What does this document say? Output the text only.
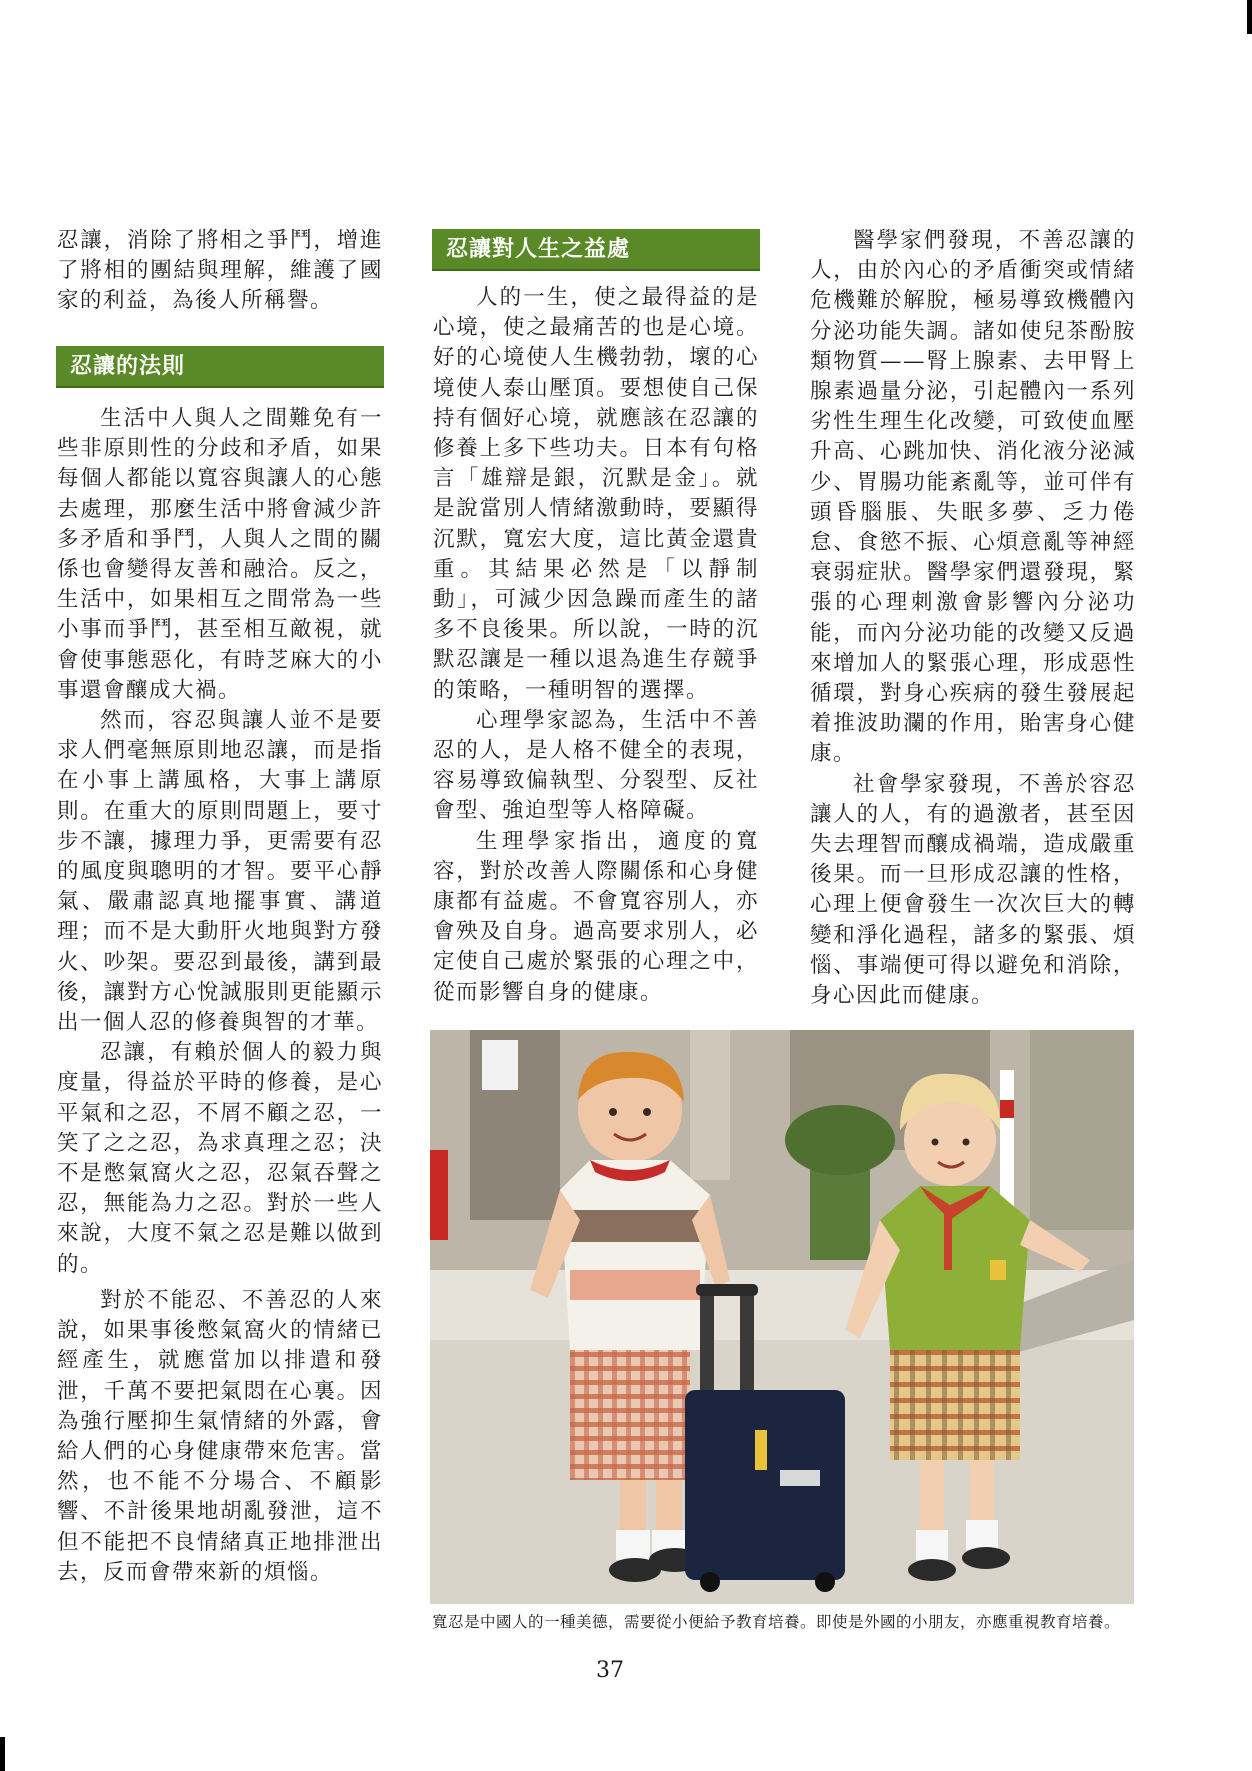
忍讓，消除了將相之爭鬥，增進了將相的團結與理解，維護了國家的利益，為後人所稱譽。

忍讓的法則

生活中人與人之間難免有一些非原則性的分歧和矛盾，如果每個人都能以寬容與讓人的心態去處理，那麼生活中將會減少許多矛盾和爭鬥，人與人之間的關係也會變得友善和融洽。反之，生活中，如果相互之間常為一些小事而爭鬥，甚至相互敵視，就會使事態惡化，有時芝麻大的小事還會釀成大禍。

然而，容忍與讓人並不是要求人們毫無原則地忍讓，而是指在小事上講風格，大事上講原則。在重大的原則問題上，要寸步不讓，據理力爭，更需要有忍的風度與聰明的才智。要平心靜氣、嚴肅認真地擺事實、講道理；而不是大動肝火地與對方發火、吵架。要忍到最後，講到最後，讓對方心悅誠服則更能顯示出一個人忍的修養與智的才華。

忍讓，有賴於個人的毅力與度量，得益於平時的修養，是心平氣和之忍，不屑不顧之忍，一笑了之之忍，為求真理之忍；決不是憋氣窩火之忍，忍氣吞聲之忍，無能為力之忍。對於一些人來說，大度不氣之忍是難以做到的。

對於不能忍、不善忍的人來說，如果事後憋氣窩火的情緒已經產生，就應當加以排遣和發泄，千萬不要把氣悶在心裏。因為強行壓抑生氣情緒的外露，會給人們的心身健康帶來危害。當然，也不能不分場合、不顧影響、不計後果地胡亂發泄，這不但不能把不良情緒真正地排泄出去，反而會帶來新的煩惱。

忍讓對人生之益處

人的一生，使之最得益的是心境，使之最痛苦的也是心境。好的心境使人生機勃勃，壞的心境使人泰山壓頂。要想使自己保持有個好心境，就應該在忍讓的修養上多下些功夫。日本有句格言「雄辯是銀，沉默是金」。就是說當別人情緒激動時，要顯得沉默，寬宏大度，這比黃金還貴重。其結果必然是「以靜制動」，可減少因急躁而產生的諸多不良後果。所以說，一時的沉默忍讓是一種以退為進生存競爭的策略，一種明智的選擇。

心理學家認為，生活中不善忍的人，是人格不健全的表現，容易導致偏執型、分裂型、反社會型、強迫型等人格障礙。

生理學家指出，適度的寬容，對於改善人際關係和心身健康都有益處。不會寬容別人，亦會殃及自身。過高要求別人，必定使自己處於緊張的心理之中，從而影響自身的健康。

醫學家們發現，不善忍讓的人，由於內心的矛盾衝突或情緒危機難於解脫，極易導致機體內分泌功能失調。諸如使兒茶酚胺類物質——腎上腺素、去甲腎上腺素過量分泌，引起體內一系列劣性生理生化改變，可致使血壓升高、心跳加快、消化液分泌減少、胃腸功能紊亂等，並可伴有頭昏腦脹、失眠多夢、乏力倦怠、食慾不振、心煩意亂等神經衰弱症狀。醫學家們還發現，緊張的心理刺激會影響內分泌功能，而內分泌功能的改變又反過來增加人的緊張心理，形成惡性循環，對身心疾病的發生發展起着推波助瀾的作用，貽害身心健康。

社會學家發現，不善於容忍讓人的人，有的過激者，甚至因失去理智而釀成禍端，造成嚴重後果。而一旦形成忍讓的性格，心理上便會發生一次次巨大的轉變和淨化過程，諸多的緊張、煩惱、事端便可得以避免和消除，身心因此而健康。

寬忍是中國人的一種美德，需要從小便給予教育培養。即使是外國的小朋友，亦應重視教育培養。
37
